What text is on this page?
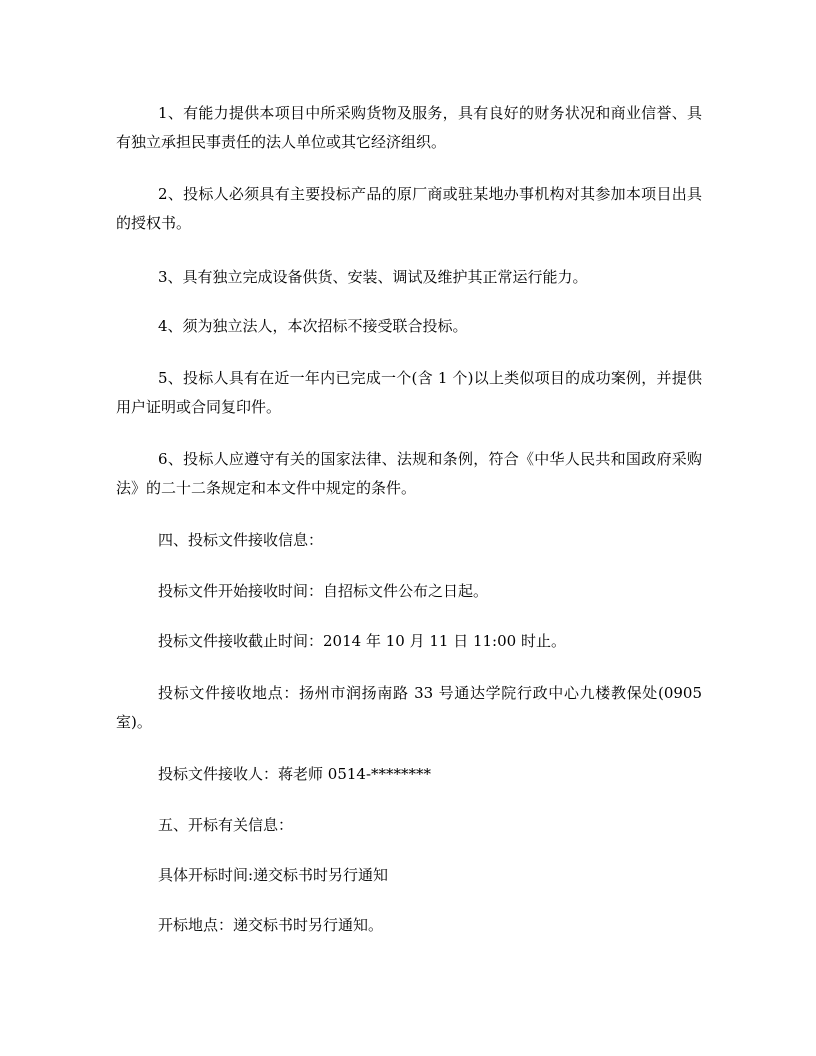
1、有能力提供本项目中所采购货物及服务，具有良好的财务状况和商业信誉、具有独立承担民事责任的法人单位或其它经济组织。

2、投标人必须具有主要投标产品的原厂商或驻某地办事机构对其参加本项目出具的授权书。

3、具有独立完成设备供货、安装、调试及维护其正常运行能力。

4、须为独立法人，本次招标不接受联合投标。

5、投标人具有在近一年内已完成一个(含 1 个)以上类似项目的成功案例，并提供用户证明或合同复印件。

6、投标人应遵守有关的国家法律、法规和条例，符合《中华人民共和国政府采购法》的二十二条规定和本文件中规定的条件。

四、投标文件接收信息：

投标文件开始接收时间：自招标文件公布之日起。

投标文件接收截止时间：2014 年 10 月 11 日 11:00 时止。

投标文件接收地点：扬州市润扬南路 33 号通达学院行政中心九楼教保处(0905 室)。

投标文件接收人：蒋老师 0514-********

五、开标有关信息：

具体开标时间:递交标书时另行通知

开标地点：递交标书时另行通知。
